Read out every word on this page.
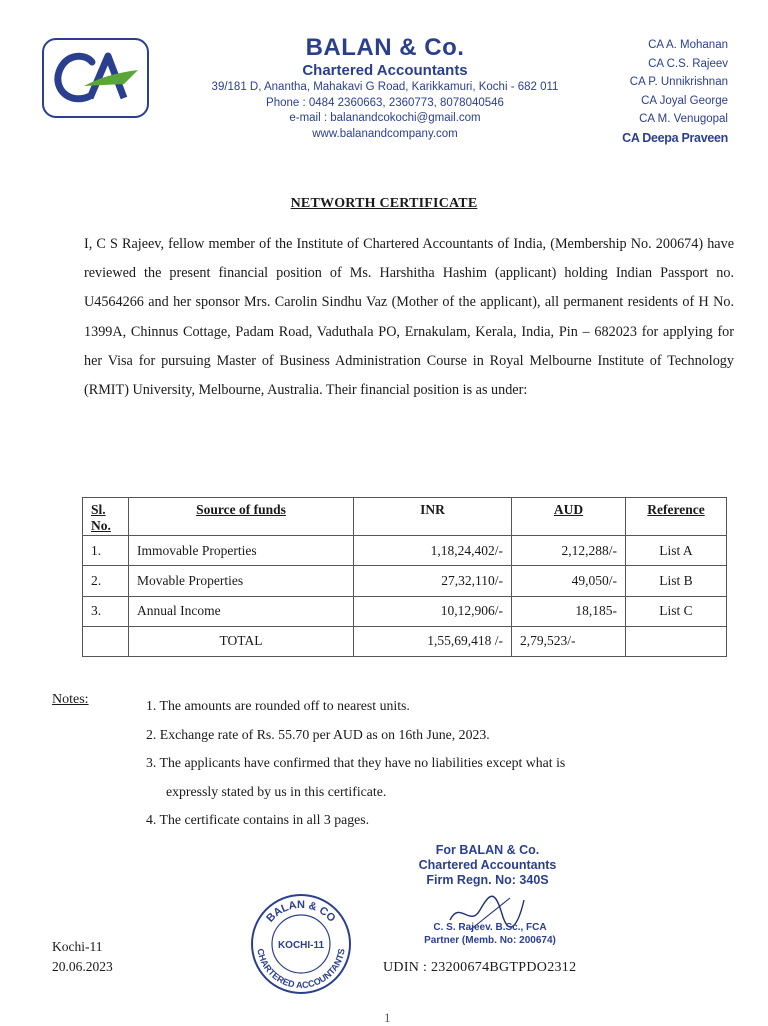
BALAN & Co.
Chartered Accountants
39/181 D, Anantha, Mahakavi G Road, Karikkamuri, Kochi - 682 011
Phone : 0484 2360663, 2360773, 8078040546
e-mail : balanandcokochi@gmail.com
www.balanandcompany.com
CA A. Mohanan
CA C.S. Rajeev
CA P. Unnikrishnan
CA Joyal George
CA M. Venugopal
CA Deepa Praveen
NETWORTH CERTIFICATE
I, C S Rajeev, fellow member of the Institute of Chartered Accountants of India, (Membership No. 200674) have reviewed the present financial position of Ms. Harshitha Hashim (applicant) holding Indian Passport no. U4564266 and her sponsor Mrs. Carolin Sindhu Vaz (Mother of the applicant), all permanent residents of H No. 1399A, Chinnus Cottage, Padam Road, Vaduthala PO, Ernakulam, Kerala, India, Pin – 682023 for applying for her Visa for pursuing Master of Business Administration Course in Royal Melbourne Institute of Technology (RMIT) University, Melbourne, Australia. Their financial position is as under:
Sl. No.	Source of funds	INR	AUD	Reference
1.	Immovable Properties	1,18,24,402/-	2,12,288/-	List A
2.	Movable Properties	27,32,110/-	49,050/-	List B
3.	Annual Income	10,12,906/-	18,185-	List C
	TOTAL	1,55,69,418 /-	2,79,523/-	
Notes:	1. The amounts are rounded off to nearest units.
2. Exchange rate of Rs. 55.70 per AUD as on 16th June, 2023.
3. The applicants have confirmed that they have no liabilities except what is
expressly stated by us in this certificate.
4. The certificate contains in all 3 pages.
For BALAN & Co.
Chartered Accountants
Firm Regn. No: 340S
C. S. Rajeev. B.Sc., FCA
Partner (Memb. No: 200674)
UDIN : 23200674BGTPDO2312
Kochi-11
20.06.2023
BALAN & CO
CHARTERED ACCOUNTANTS
KOCHI-11
1
